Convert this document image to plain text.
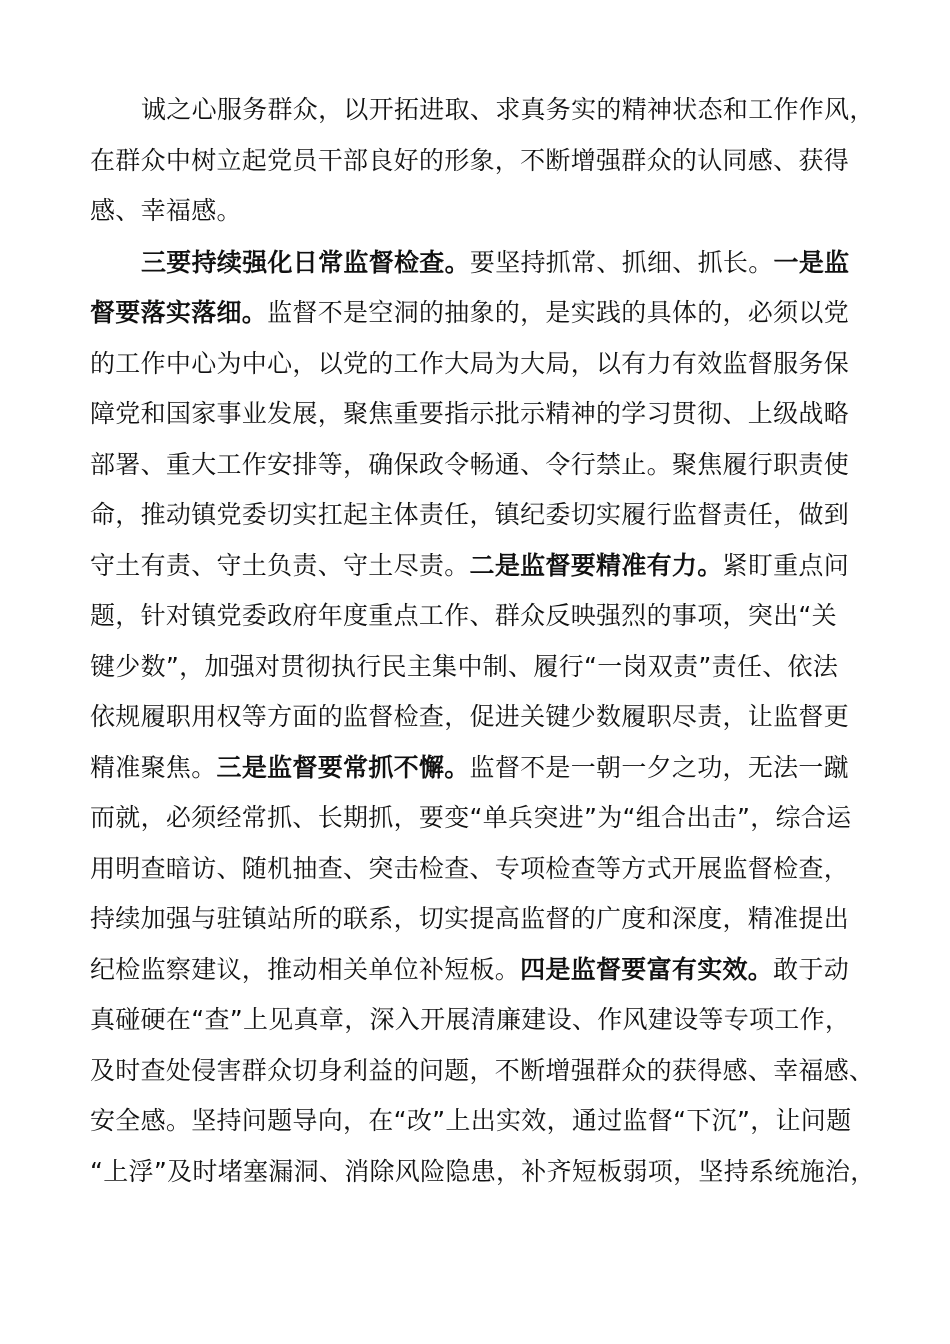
诚之心服务群众，以开拓进取、求真务实的精神状态和工作作风，
在群众中树立起党员干部良好的形象，不断增强群众的认同感、获得
感、幸福感。
三要持续强化日常监督检查。要坚持抓常、抓细、抓长。一是监
督要落实落细。监督不是空洞的抽象的，是实践的具体的，必须以党
的工作中心为中心，以党的工作大局为大局，以有力有效监督服务保
障党和国家事业发展，聚焦重要指示批示精神的学习贯彻、上级战略
部署、重大工作安排等，确保政令畅通、令行禁止。聚焦履行职责使
命，推动镇党委切实扛起主体责任，镇纪委切实履行监督责任，做到
守土有责、守土负责、守土尽责。二是监督要精准有力。紧盯重点问
题，针对镇党委政府年度重点工作、群众反映强烈的事项，突出“关
键少数”，加强对贯彻执行民主集中制、履行“一岗双责”责任、依法
依规履职用权等方面的监督检查，促进关键少数履职尽责，让监督更
精准聚焦。三是监督要常抓不懈。监督不是一朝一夕之功，无法一蹴
而就，必须经常抓、长期抓，要变“单兵突进”为“组合出击”，综合运
用明查暗访、随机抽查、突击检查、专项检查等方式开展监督检查，
持续加强与驻镇站所的联系，切实提高监督的广度和深度，精准提出
纪检监察建议，推动相关单位补短板。四是监督要富有实效。敢于动
真碰硬在“查”上见真章，深入开展清廉建设、作风建设等专项工作，
及时查处侵害群众切身利益的问题，不断增强群众的获得感、幸福感、
安全感。坚持问题导向，在“改”上出实效，通过监督“下沉”，让问题
“上浮”及时堵塞漏洞、消除风险隐患，补齐短板弱项，坚持系统施治，
